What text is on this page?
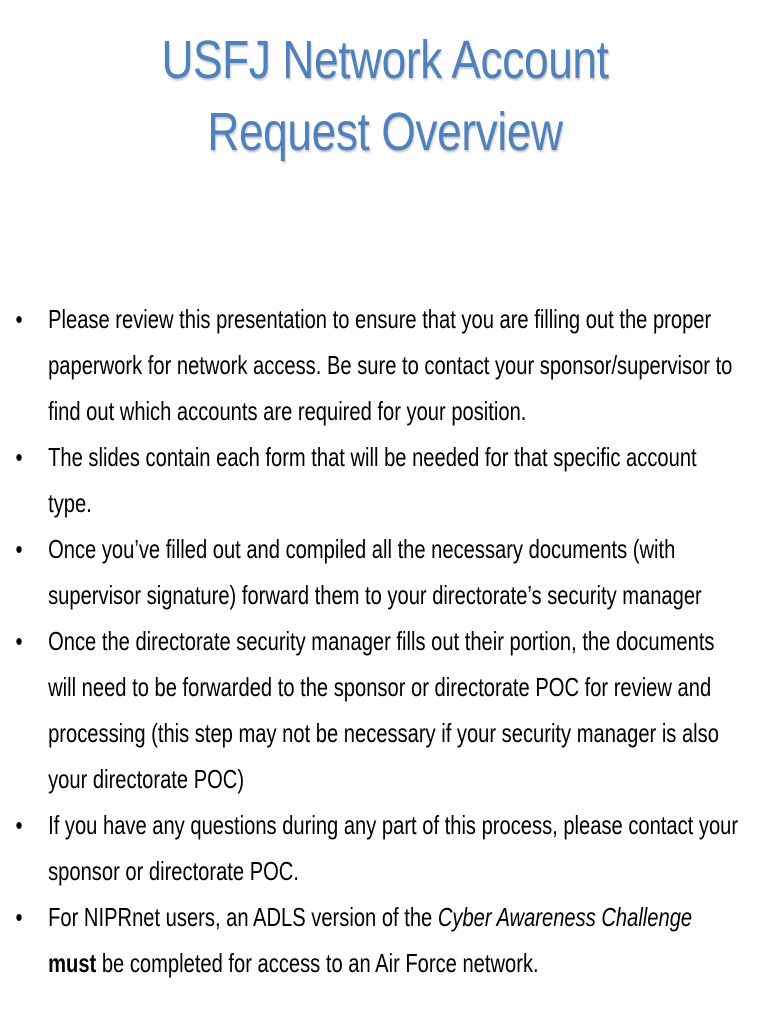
USFJ Network Account
Request Overview
• Please review this presentation to ensure that you are filling out the proper paperwork for network access. Be sure to contact your sponsor/supervisor to find out which accounts are required for your position.
• The slides contain each form that will be needed for that specific account type.
• Once you’ve filled out and compiled all the necessary documents (with supervisor signature) forward them to your directorate’s security manager
• Once the directorate security manager fills out their portion, the documents will need to be forwarded to the sponsor or directorate POC for review and processing (this step may not be necessary if your security manager is also your directorate POC)
• If you have any questions during any part of this process, please contact your sponsor or directorate POC.
• For NIPRnet users, an ADLS version of the Cyber Awareness Challenge must be completed for access to an Air Force network.
